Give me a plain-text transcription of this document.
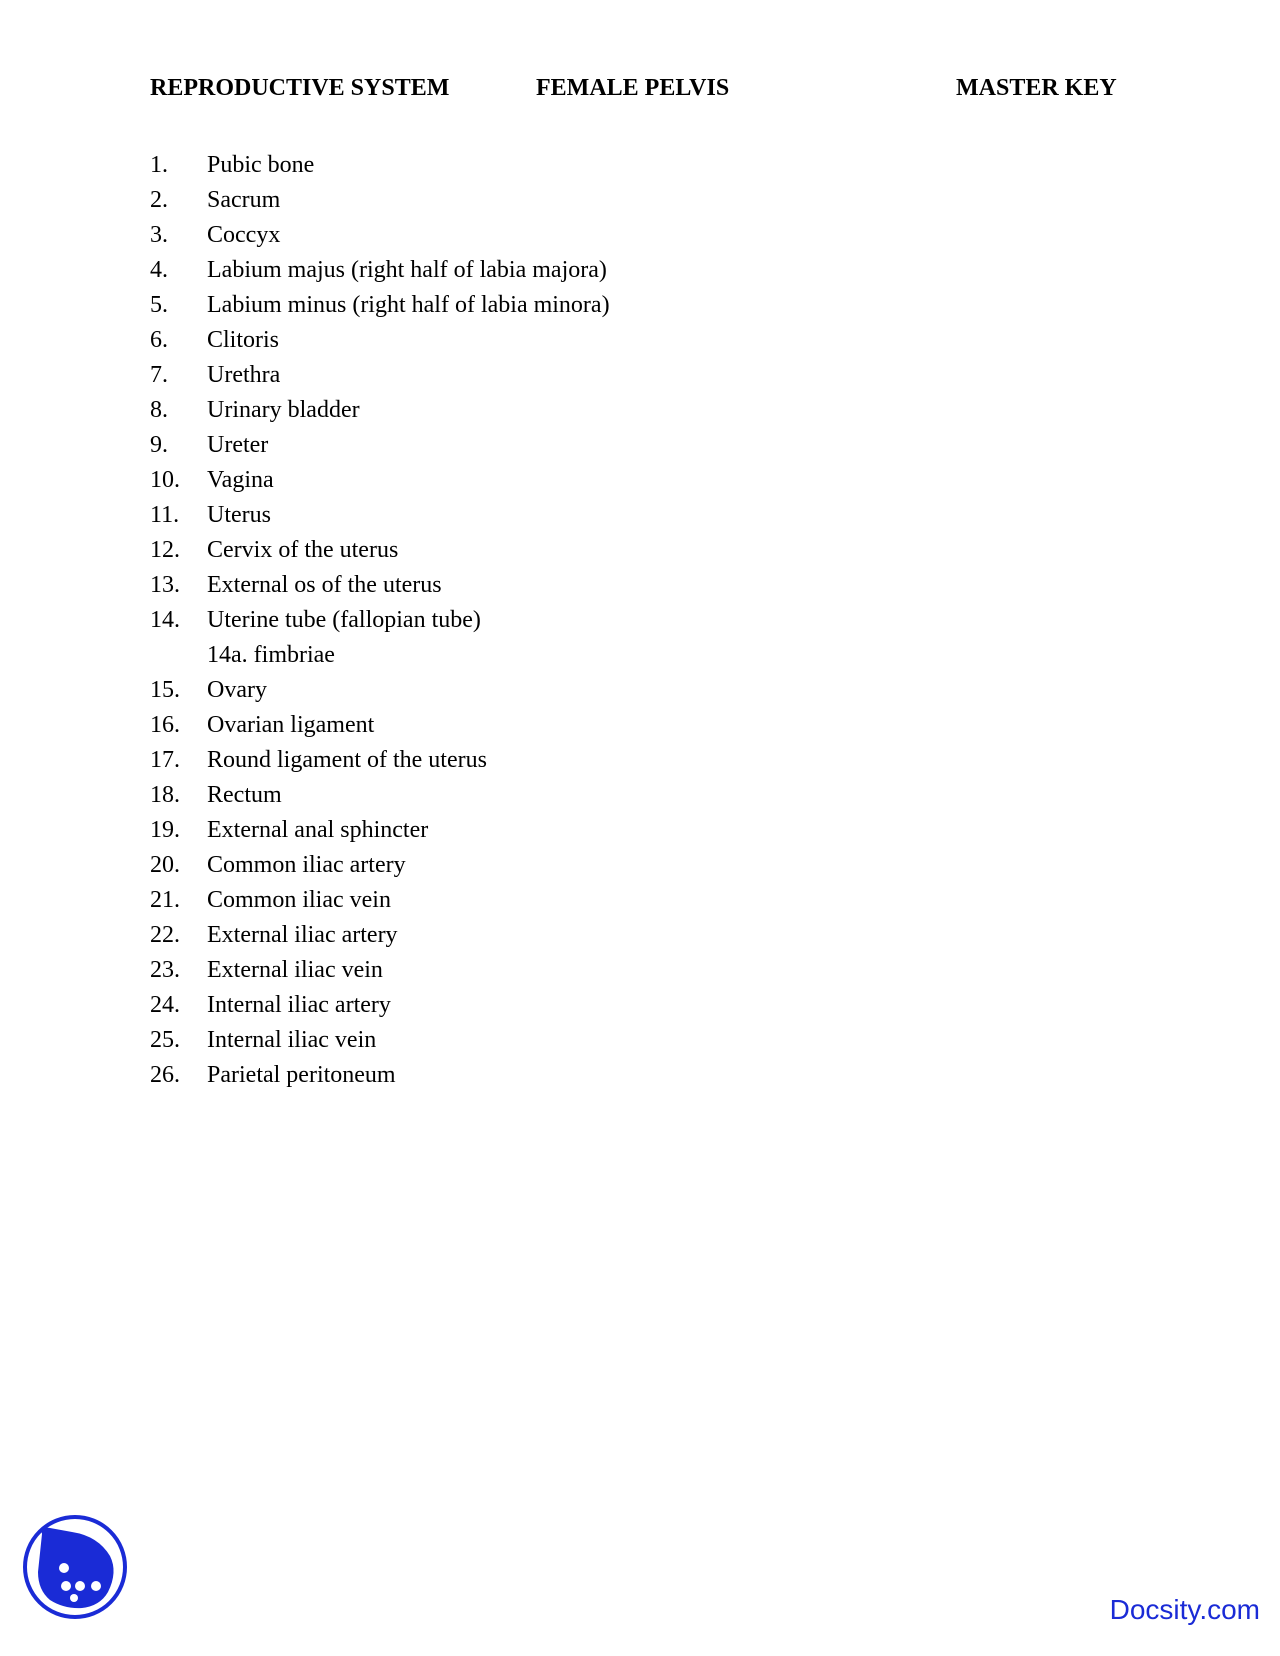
REPRODUCTIVE SYSTEM	FEMALE PELVIS	MASTER KEY
1. Pubic bone
2. Sacrum
3. Coccyx
4. Labium majus (right half of labia majora)
5. Labium minus (right half of labia minora)
6. Clitoris
7. Urethra
8. Urinary bladder
9. Ureter
10. Vagina
11. Uterus
12. Cervix of the uterus
13. External os of the uterus
14. Uterine tube (fallopian tube)
14a. fimbriae
15. Ovary
16. Ovarian ligament
17. Round ligament of the uterus
18. Rectum
19. External anal sphincter
20. Common iliac artery
21. Common iliac vein
22. External iliac artery
23. External iliac vein
24. Internal iliac artery
25. Internal iliac vein
26. Parietal peritoneum
Docsity.com
